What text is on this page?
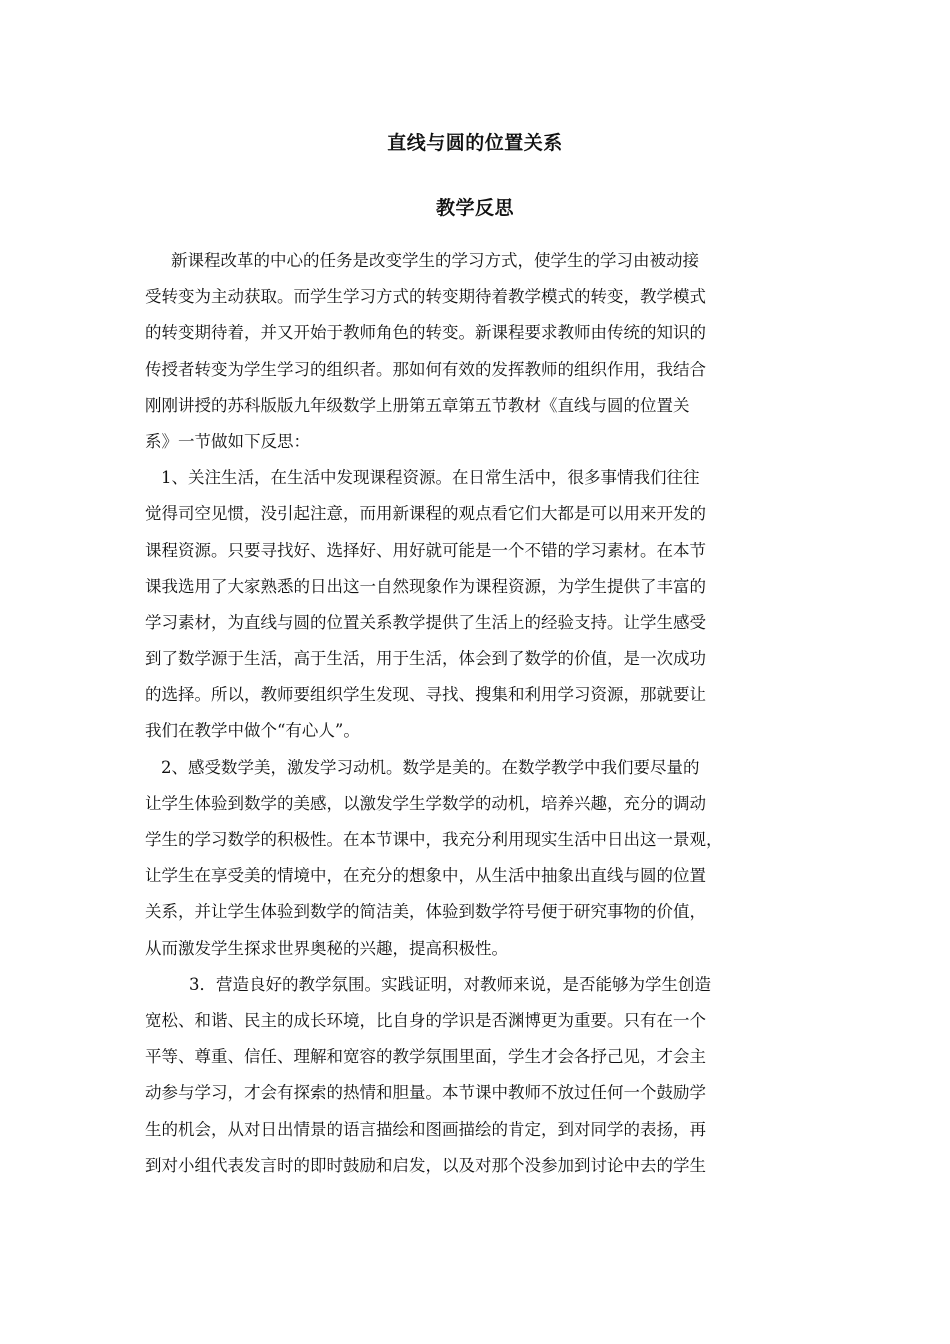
直线与圆的位置关系
教学反思
新课程改革的中心的任务是改变学生的学习方式，使学生的学习由被动接
受转变为主动获取。而学生学习方式的转变期待着教学模式的转变，教学模式
的转变期待着，并又开始于教师角色的转变。新课程要求教师由传统的知识的
传授者转变为学生学习的组织者。那如何有效的发挥教师的组织作用，我结合
刚刚讲授的苏科版版九年级数学上册第五章第五节教材《直线与圆的位置关
系》一节做如下反思：
1、关注生活，在生活中发现课程资源。在日常生活中，很多事情我们往往
觉得司空见惯，没引起注意，而用新课程的观点看它们大都是可以用来开发的
课程资源。只要寻找好、选择好、用好就可能是一个不错的学习素材。在本节
课我选用了大家熟悉的日出这一自然现象作为课程资源，为学生提供了丰富的
学习素材，为直线与圆的位置关系教学提供了生活上的经验支持。让学生感受
到了数学源于生活，高于生活，用于生活，体会到了数学的价值，是一次成功
的选择。所以，教师要组织学生发现、寻找、搜集和利用学习资源，那就要让
我们在教学中做个“有心人”。
2、感受数学美，激发学习动机。数学是美的。在数学教学中我们要尽量的
让学生体验到数学的美感，以激发学生学数学的动机，培养兴趣，充分的调动
学生的学习数学的积极性。在本节课中，我充分利用现实生活中日出这一景观，
让学生在享受美的情境中，在充分的想象中，从生活中抽象出直线与圆的位置
关系，并让学生体验到数学的简洁美，体验到数学符号便于研究事物的价值，
从而激发学生探求世界奥秘的兴趣，提高积极性。
3．营造良好的教学氛围。实践证明，对教师来说，是否能够为学生创造
宽松、和谐、民主的成长环境，比自身的学识是否渊博更为重要。只有在一个
平等、尊重、信任、理解和宽容的教学氛围里面，学生才会各抒己见，才会主
动参与学习，才会有探索的热情和胆量。本节课中教师不放过任何一个鼓励学
生的机会，从对日出情景的语言描绘和图画描绘的肯定，到对同学的表扬，再
到对小组代表发言时的即时鼓励和启发，以及对那个没参加到讨论中去的学生
